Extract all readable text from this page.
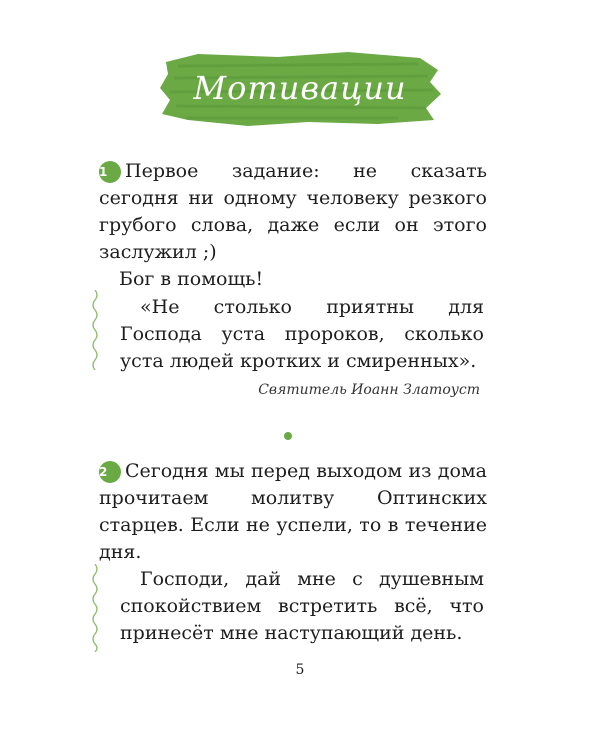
Мотивации
1 Первое задание: не сказать сегодня ни одному человеку резкого грубого слова, даже если он этого заслужил ;)
Бог в помощь!
«Не столько приятны для Господа уста пророков, сколько уста людей кротких и смиренных».
Святитель Иоанн Златоуст
2 Сегодня мы перед выходом из дома прочитаем молитву Оптинских старцев. Если не успели, то в течение дня.
Господи, дай мне с душевным спокойствием встретить всё, что принесёт мне наступающий день.
5
